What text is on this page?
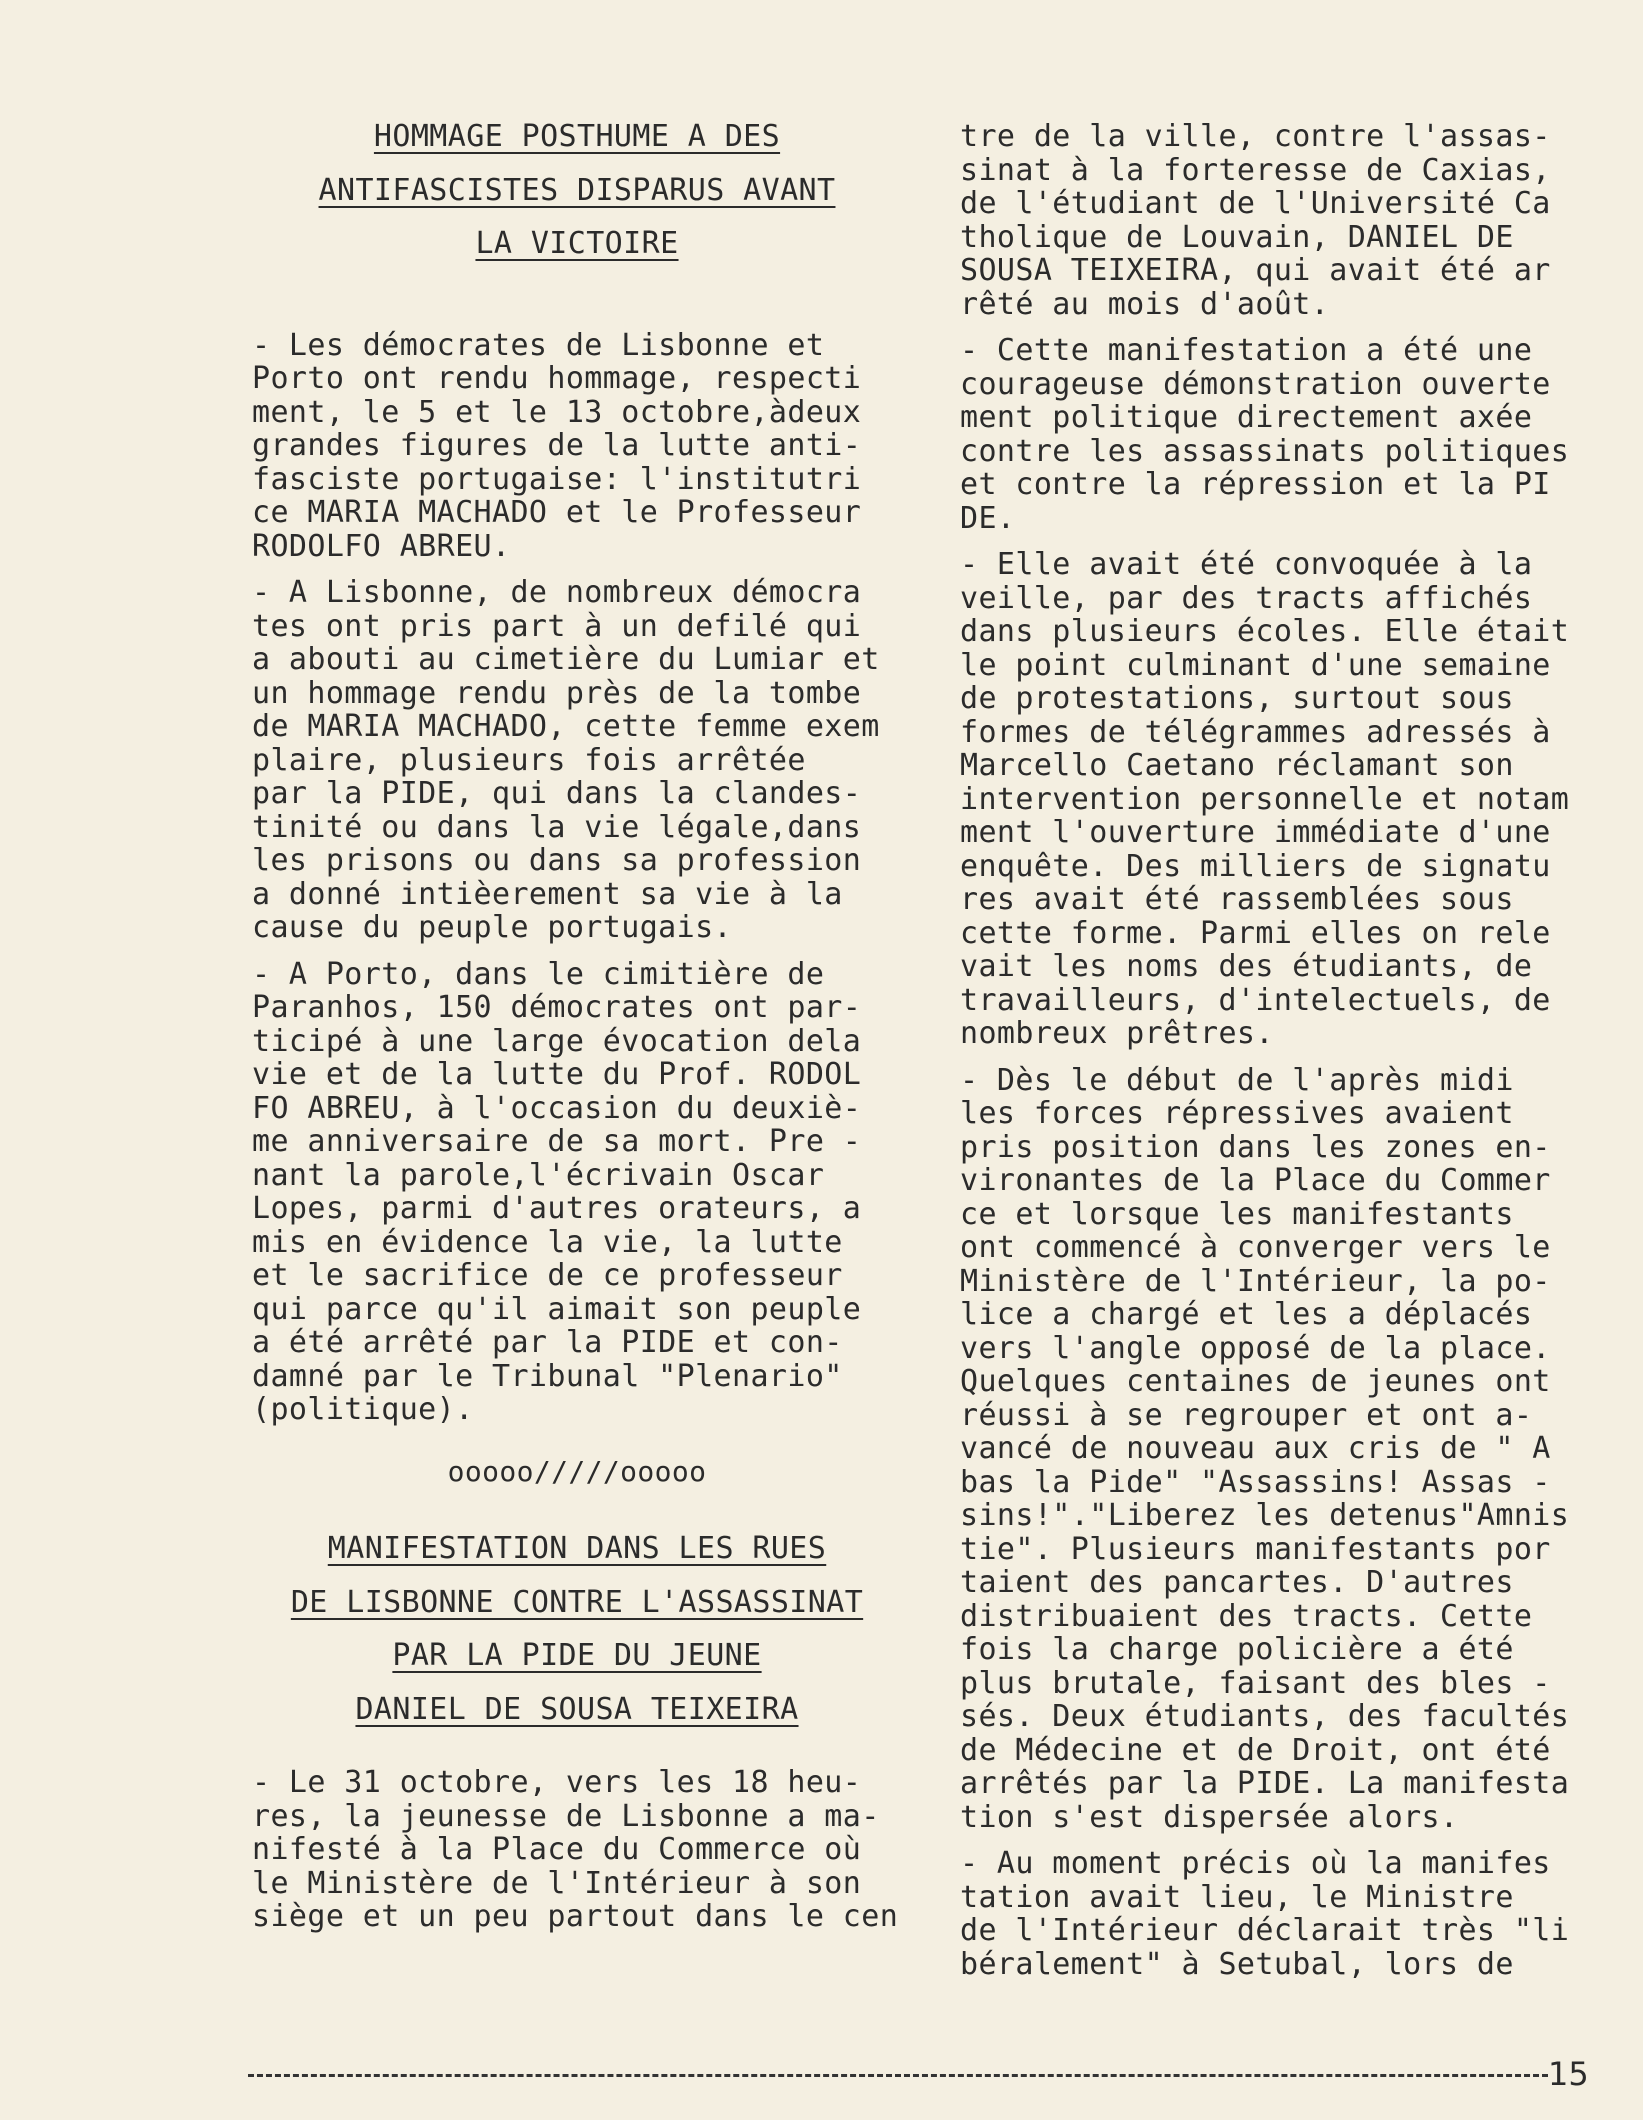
HOMMAGE POSTHUME A DES
ANTIFASCISTES DISPARUS AVANT
LA VICTOIRE

- Les démocrates de Lisbonne et
Porto ont rendu hommage, respecti
ment, le 5 et le 13 octobre,àdeux
grandes figures de la lutte anti-
fasciste portugaise: l'institutri
ce MARIA MACHADO et le Professeur
RODOLFO ABREU.

- A Lisbonne, de nombreux démocra
tes ont pris part à un defilé qui
a abouti au cimetière du Lumiar et
un hommage rendu près de la tombe
de MARIA MACHADO, cette femme exem
plaire, plusieurs fois arrêtée
par la PIDE, qui dans la clandes-
tinité ou dans la vie légale,dans
les prisons ou dans sa profession
a donné intièerement sa vie à la
cause du peuple portugais.

- A Porto, dans le cimitière de
Paranhos, 150 démocrates ont par-
ticipé à une large évocation dela
vie et de la lutte du Prof. RODOL
FO ABREU, à l'occasion du deuxiè-
me anniversaire de sa mort. Pre -
nant la parole,l'écrivain Oscar
Lopes, parmi d'autres orateurs, a
mis en évidence la vie, la lutte
et le sacrifice de ce professeur
qui parce qu'il aimait son peuple
a été arrêté par la PIDE et con-
damné par le Tribunal "Plenario"
(politique).

ooooo/////ooooo
MANIFESTATION DANS LES RUES
DE LISBONNE CONTRE L'ASSASSINAT
PAR LA PIDE DU JEUNE
DANIEL DE SOUSA TEIXEIRA

- Le 31 octobre, vers les 18 heu-
res, la jeunesse de Lisbonne a ma-
nifesté à la Place du Commerce où
le Ministère de l'Intérieur à son
siège et un peu partout dans le cen

tre de la ville, contre l'assas-
sinat à la forteresse de Caxias,
de l'étudiant de l'Université Ca
tholique de Louvain, DANIEL DE
SOUSA TEIXEIRA, qui avait été ar
rêté au mois d'août.

- Cette manifestation a été une
courageuse démonstration ouverte
ment politique directement axée
contre les assassinats politiques
et contre la répression et la PI
DE.

- Elle avait été convoquée à la
veille, par des tracts affichés
dans plusieurs écoles. Elle était
le point culminant d'une semaine
de protestations, surtout sous
formes de télégrammes adressés à
Marcello Caetano réclamant son
intervention personnelle et notam
ment l'ouverture immédiate d'une
enquête. Des milliers de signatu
res avait été rassemblées sous
cette forme. Parmi elles on rele
vait les noms des étudiants, de
travailleurs, d'intelectuels, de
nombreux prêtres.

- Dès le début de l'après midi
les forces répressives avaient
pris position dans les zones en-
vironantes de la Place du Commer
ce et lorsque les manifestants
ont commencé à converger vers le
Ministère de l'Intérieur, la po-
lice a chargé et les a déplacés
vers l'angle opposé de la place.
Quelques centaines de jeunes ont
réussi à se regrouper et ont a-
vancé de nouveau aux cris de " A
bas la Pide" "Assassins! Assas -
sins!"."Liberez les detenus"Amnis
tie". Plusieurs manifestants por
taient des pancartes. D'autres
distribuaient des tracts. Cette
fois la charge policière a été
plus brutale, faisant des bles -
sés. Deux étudiants, des facultés
de Médecine et de Droit, ont été
arrêtés par la PIDE. La manifesta
tion s'est dispersée alors.

- Au moment précis où la manifes
tation avait lieu, le Ministre
de l'Intérieur déclarait très "li
béralement" à Setubal, lors de

15
